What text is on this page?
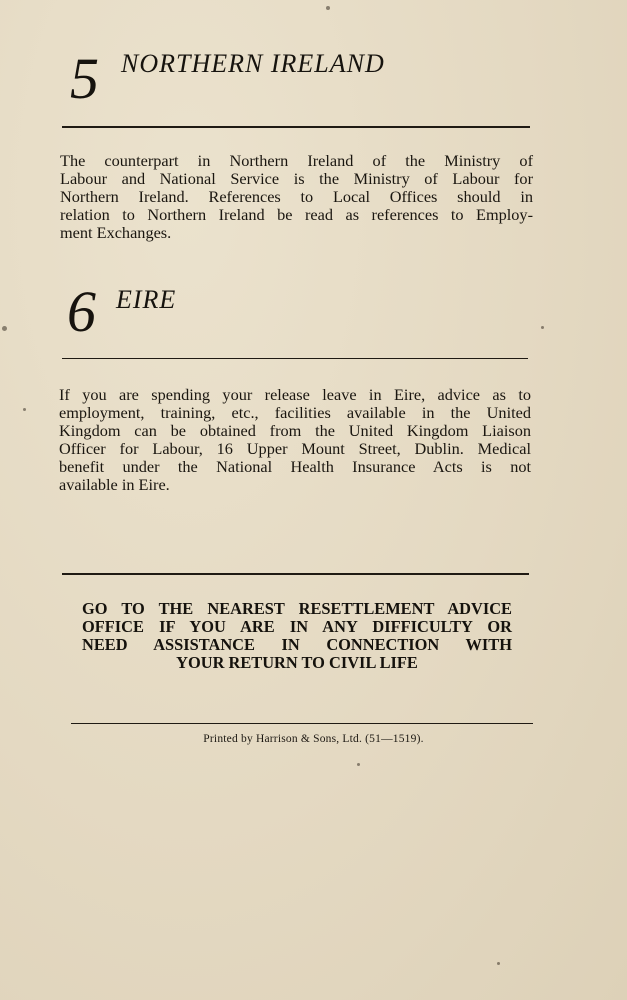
5 NORTHERN IRELAND
The counterpart in Northern Ireland of the Ministry of
Labour and National Service is the Ministry of Labour for
Northern Ireland. References to Local Offices should in
relation to Northern Ireland be read as references to Employ-
ment Exchanges.
6 EIRE
If you are spending your release leave in Eire, advice as to
employment, training, etc., facilities available in the United
Kingdom can be obtained from the United Kingdom Liaison
Officer for Labour, 16 Upper Mount Street, Dublin. Medical
benefit under the National Health Insurance Acts is not
available in Eire.
GO TO THE NEAREST RESETTLEMENT ADVICE
OFFICE IF YOU ARE IN ANY DIFFICULTY OR
NEED ASSISTANCE IN CONNECTION WITH
YOUR RETURN TO CIVIL LIFE
Printed by Harrison & Sons, Ltd. (51—1519).
